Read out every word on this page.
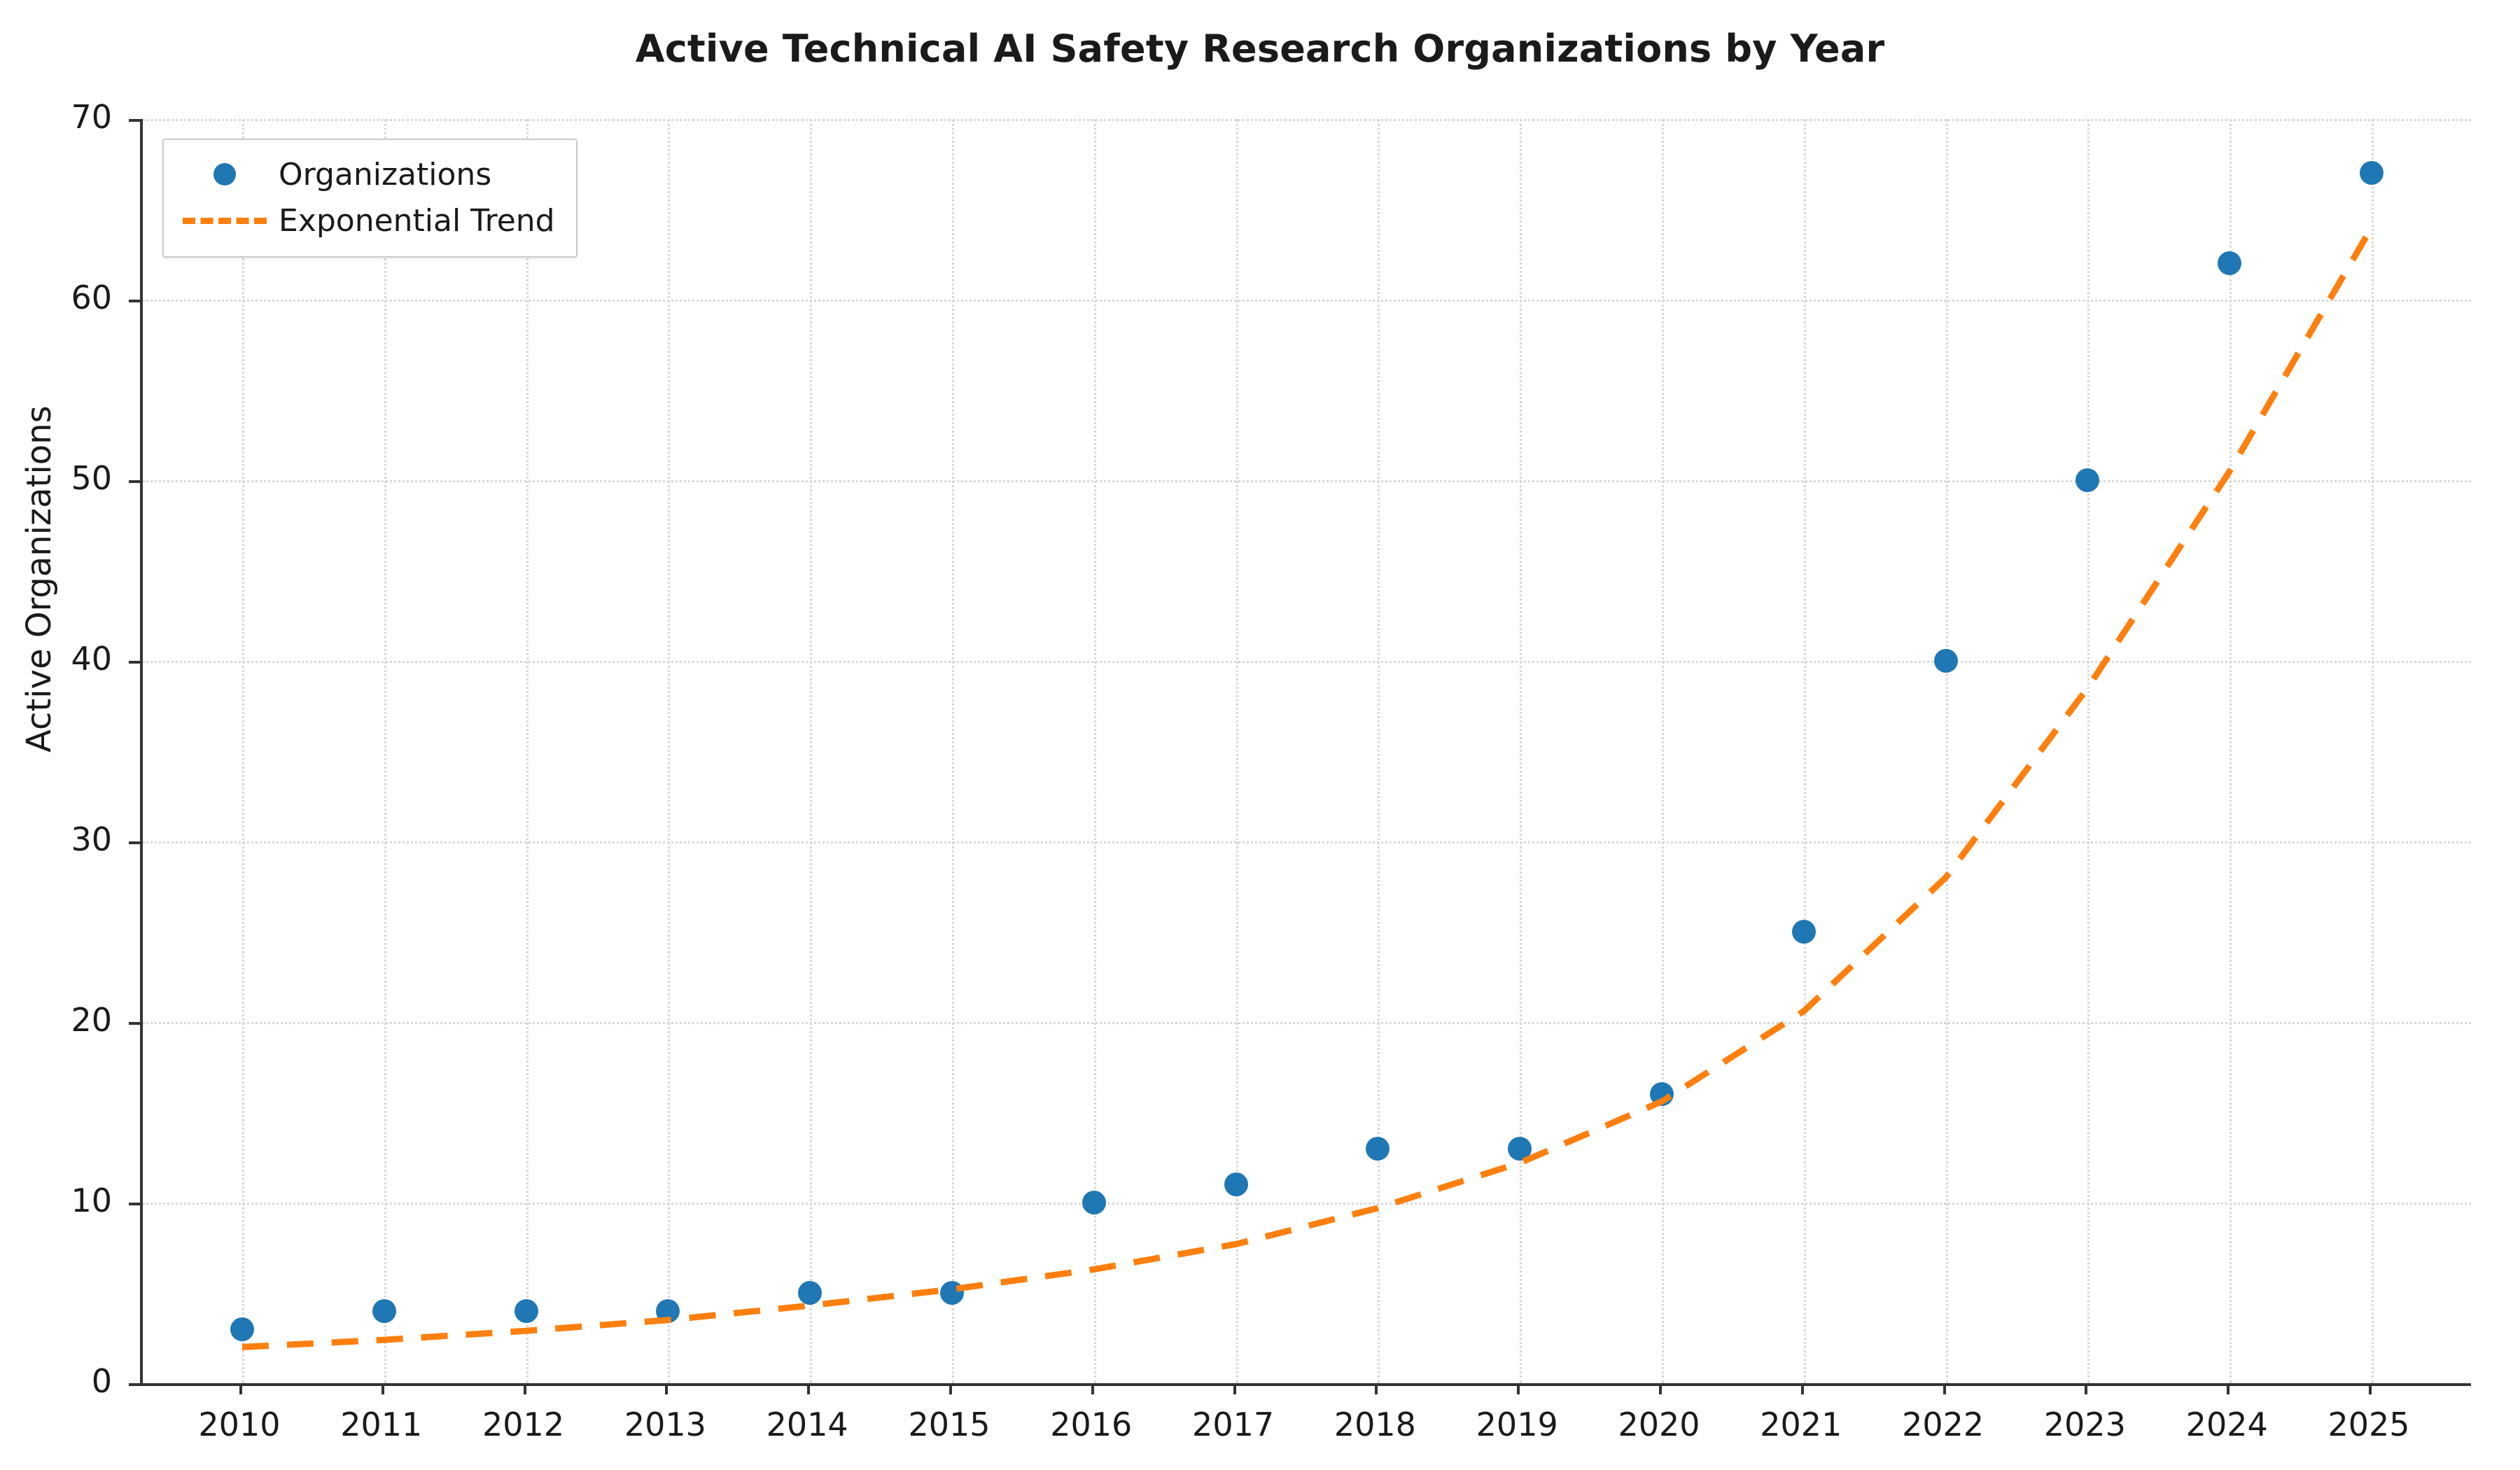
Active Technical AI Safety Research Organizations by Year
Active Organizations
Organizations
Exponential Trend
0
10
20
30
40
50
60
70
2010 2011 2012 2013 2014 2015 2016 2017 2018 2019 2020 2021 2022 2023 2024 2025
